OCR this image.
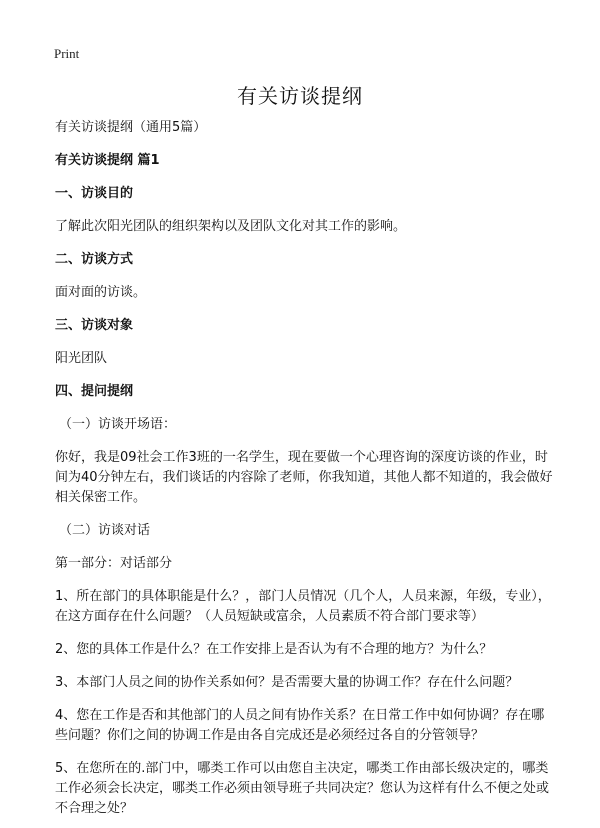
Print
有关访谈提纲

有关访谈提纲（通用5篇）

有关访谈提纲 篇1

一、访谈目的

了解此次阳光团队的组织架构以及团队文化对其工作的影响。

二、访谈方式

面对面的访谈。

三、访谈对象

阳光团队

四、提问提纲

（一）访谈开场语：

你好，我是09社会工作3班的一名学生，现在要做一个心理咨询的深度访谈的作业，时间为40分钟左右，我们谈话的内容除了老师，你我知道，其他人都不知道的，我会做好相关保密工作。

（二）访谈对话

第一部分：对话部分

1、所在部门的具体职能是什么？，部门人员情况（几个人，人员来源，年级，专业），在这方面存在什么问题？（人员短缺或富余，人员素质不符合部门要求等）

2、您的具体工作是什么？在工作安排上是否认为有不合理的地方？为什么？

3、本部门人员之间的协作关系如何？是否需要大量的协调工作？存在什么问题？

4、您在工作是否和其他部门的人员之间有协作关系？在日常工作中如何协调？存在哪些问题？你们之间的协调工作是由各自完成还是必须经过各自的分管领导？

5、在您所在的.部门中，哪类工作可以由您自主决定，哪类工作由部长级决定的，哪类工作必须会长决定，哪类工作必须由领导班子共同决定？您认为这样有什么不便之处或不合理之处？
